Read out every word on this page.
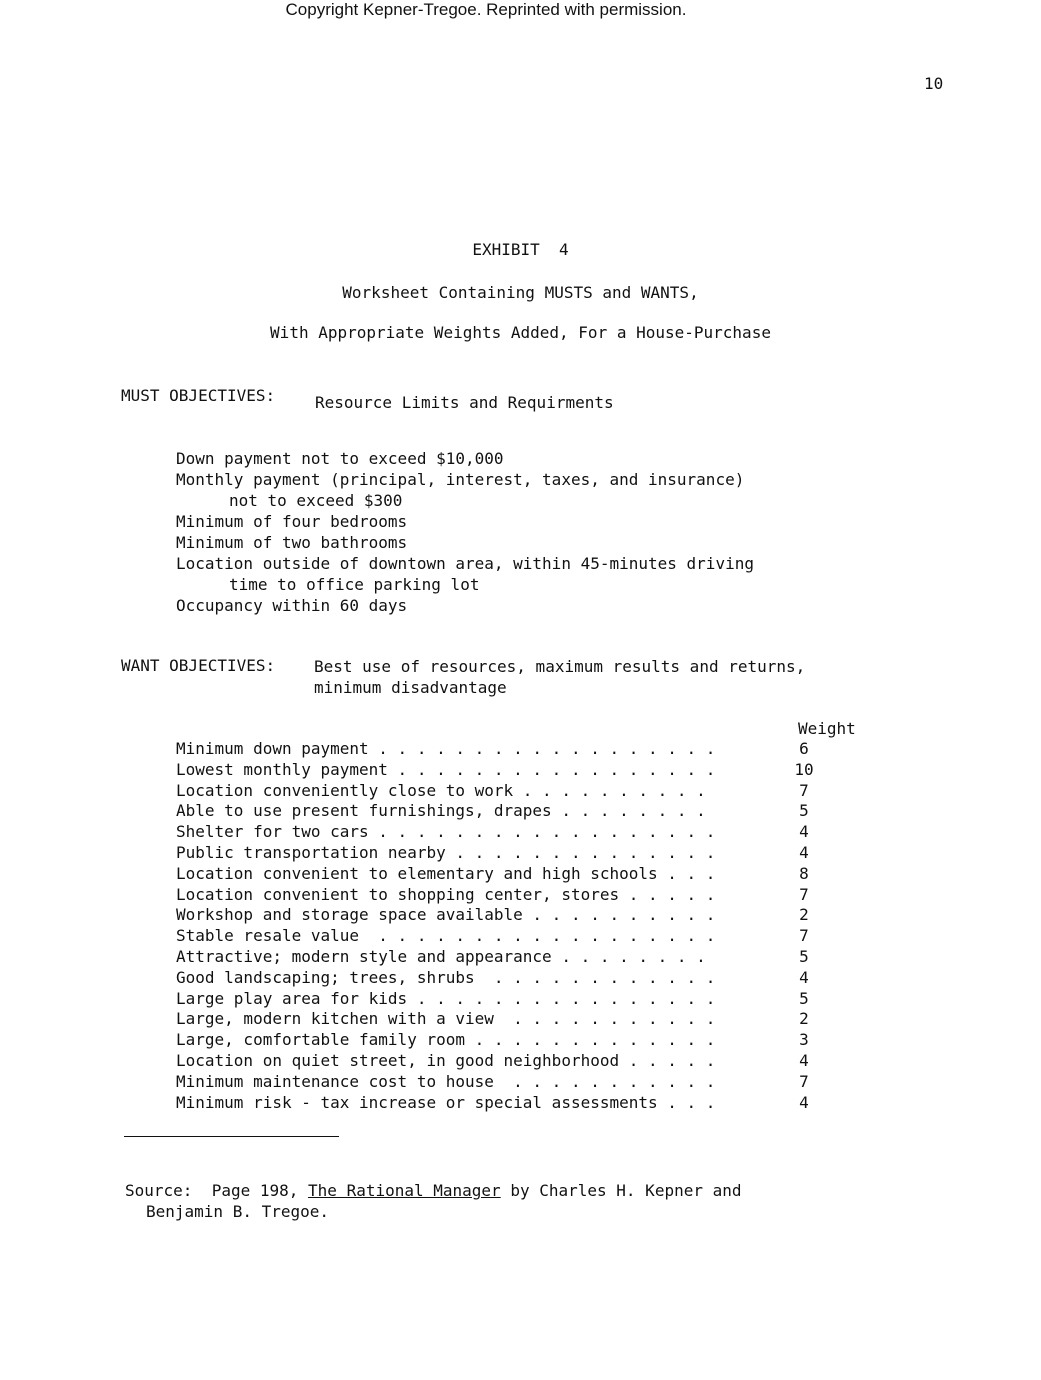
Copyright Kepner-Tregoe. Reprinted with permission.
10
EXHIBIT  4
Worksheet Containing MUSTS and WANTS,
With Appropriate Weights Added, For a House-Purchase
MUST OBJECTIVES: Resource Limits and Requirments
Down payment not to exceed $10,000
Monthly payment (principal, interest, taxes, and insurance)
not to exceed $300
Minimum of four bedrooms
Minimum of two bathrooms
Location outside of downtown area, within 45-minutes driving
time to office parking lot
Occupancy within 60 days
WANT OBJECTIVES: Best use of resources, maximum results and returns, minimum disadvantage
Weight
Minimum down payment . . . . . . . . . . . . . . . . . .	6
Lowest monthly payment . . . . . . . . . . . . . . . . .	10
Location conveniently close to work . . . . . . . . . .	7
Able to use present furnishings, drapes . . . . . . . .	5
Shelter for two cars . . . . . . . . . . . . . . . . . .	4
Public transportation nearby . . . . . . . . . . . . . .	4
Location convenient to elementary and high schools . . .	8
Location convenient to shopping center, stores . . . . .	7
Workshop and storage space available . . . . . . . . . .	2
Stable resale value  . . . . . . . . . . . . . . . . . .	7
Attractive; modern style and appearance . . . . . . . .	5
Good landscaping; trees, shrubs  . . . . . . . . . . . .	4
Large play area for kids . . . . . . . . . . . . . . . .	5
Large, modern kitchen with a view  . . . . . . . . . . .	2
Large, comfortable family room . . . . . . . . . . . . .	3
Location on quiet street, in good neighborhood . . . . .	4
Minimum maintenance cost to house  . . . . . . . . . . .	7
Minimum risk - tax increase or special assessments . . .	4
Source:  Page 198, The Rational Manager by Charles H. Kepner and
Benjamin B. Tregoe.
